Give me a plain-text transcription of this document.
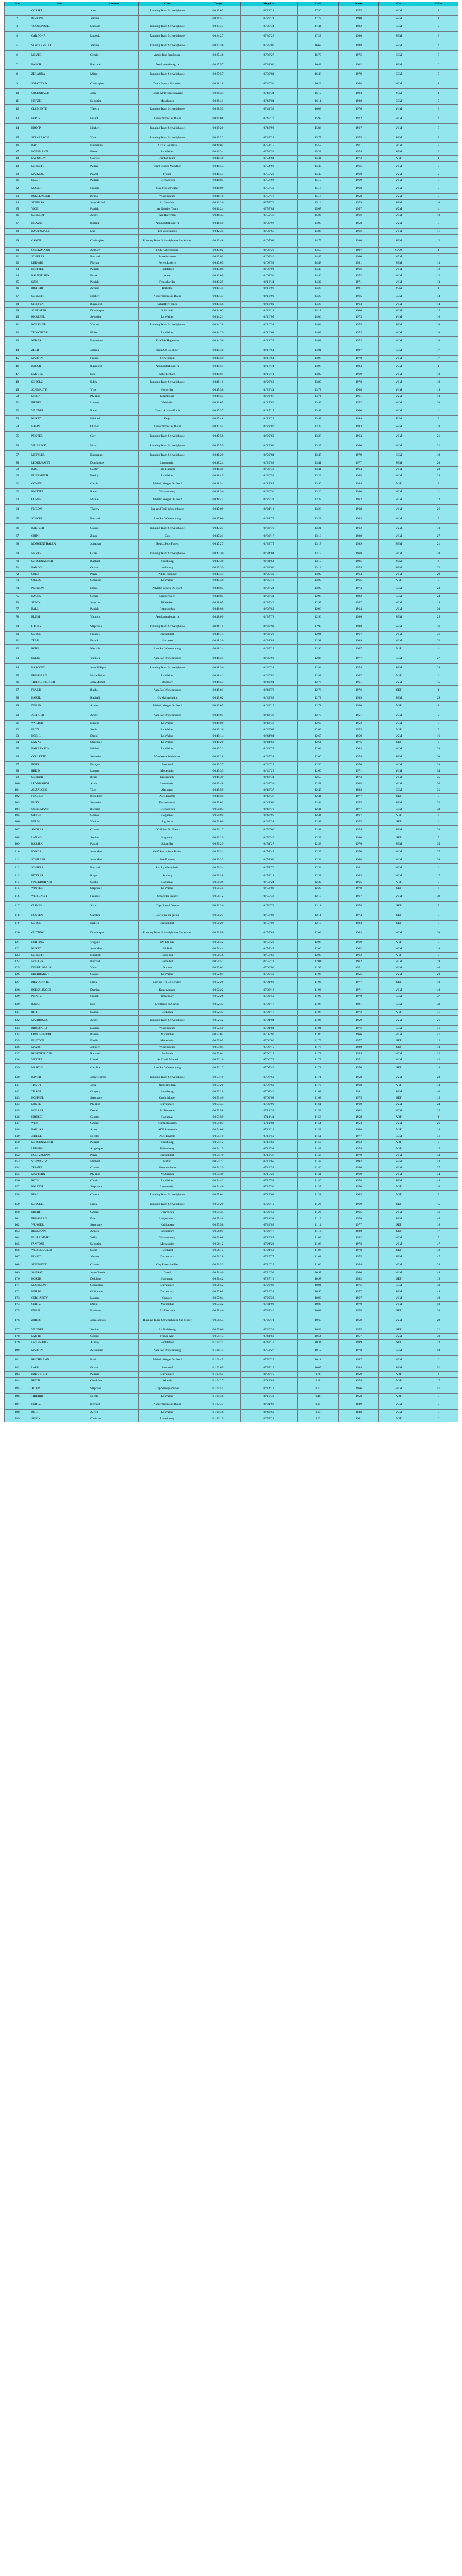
Sce	Nom	Prénom	Club	Temps	Moy/km	Km/h	Naiss	Cat	C-Cat
1	GOSSET	José	Running Team Schweighouse	00:30:03	03'22"21	17.80	1975	V1M	1
2	PERKINS	Jerome		00:31:53	03'27"21	17.72	1990	SEM	1
3	VOORSPOELS	Ludovic	Running Team Schweighouse	00:33:47	03'38"44	17.44	1982	SEM	2
4	CARDONA	Ludovic	Running Team Schweighouse	00:34:27	03'30"28	17.22	1980	SEM	3
5	SPYCKERELLE	Jerome	Running Team Schweighouse	00:37:36	03'35"06	16.67	1988	SEM	4
6	MEYER	Cedric	Ami's Run Strasbourg	00:37:48	03'38"27	16.70	1975	SEM	5
7	BASCH	Bertrand	Asu Lauterbourg ra	00:37:57	03'38"66	16.48	1962	SEM	6
8	ZERAOUA	Mitad	Running Team Schweighouse	00:37:57	03'38"81	16.48	1979	SEM	7
9	SOBOTTKA	Christophe	Team Espace Marathon	00:38:18	03'40"96	16.29	1968	V2M	1
10	URSENBACH	Jean	Rohan Athlétisme Saverne	00:38:34	03'42"34	16.19	1993	JUM	1
11	NETZER	Sebastien	Moschbach	00:38:41	03'43"04	16.11	1980	SEM	7
12	CLEMENTZ	Thierry	Running Team Schweighouse	00:38:53	03'44"32	16.03	1970	V1M	3
13	HERTZ	Franck	Niederbronn Les Bains	00:39:08	03'45"76	15.95	1972	V1M	4
14	KROPP	Norbert	Running Team Schweighouse	00:39:20	03'46"92	15.86	1967	V1M	5
15	STRASBACH	Yves	Running Team Schweighouse	00:39:22	03'48"28	15.77	1975	SEM	8
16	BATT	Emmanuel	Asf Le Bourreau	00:40:04	03'51"15	15.57	1971	V1M	7
17	HOFFMANN	Pierre	La Walder	00:40:34	03'54"39	15.38	1974	SEM	9
18	SALOMON	Clarisse	Jog'Ect Team	00:40:46	03'54"81	15.34	1972	V1F	1
19	SCHMITT	Patrice	Team Espace Marathon	00:40:43	03'54"90	15.33	1965	V1M	7
20	MARZOLF	Pascal	France	00:40:47	03'55"28	15.30	1960	V2M	2
21	SIGOT	Patrick	Reichshoffen	00:41:04	03'56"92	15.19	1969	V1M	8
22	MOSER	Francis	Cog Froeschwiller	00:41:09	03'57"40	15.16	1968	V1M	9
23	BOELLINGER	Bruno	Wissembourg	00:41:16	03'57"76	15.16	1958	V2M	3
24	STEPHAN	Jean Michel	Ac Gundhier	00:41:20	03'57"76	15.14	1979	SEM	10
25	VIOLI	Patrick	Ac Gunther Team	00:41:24	03'58"84	15.07	1957	V2M	4
26	SCHMIDT	Andre	Asc Harreman	00:41:33	03'59"46	15.02	1966	V1M	10
27	KNAUB	Roland	Asu Lauterbourg ra	00:41:50	04'00"96	14.90	1958	V2M	5
28	KAUTZMANN	Luc	Les Vosgimanes	00:42:35	04'03"65	14.86	1966	V1M	11
29	GANNE	Christophe	Running Team Schweighouse Sur Moder	00:42:48	04'05"62	14.75	1986	SEM	12
30	GOETZMANN	Anthony	FCE Kabensbourg	00:43:02	04'08"26	14.50	1997	CAM	1
31	SCHERER	Bernard	Bosselshausen	00:43:03	04'08"46	14.49	1960	V2M	6
32	LUDWIG	Florian	Porrez Ludwig	00:43:03	04'08"53	14.48	1981	SEM	13
33	KNITTEL	Patrick	Hochfelden	00:43:08	04'08"93	14.47	1966	V1M	12
34	KAUFFEISEN	Frank	Aave	00:43:09	04'08"96	14.46	1972	V1M	12
35	SUSS	Patrick	Froeschwiller	00:43:25	04'12"44	14.32	1971	V1M	13
36	RICHERT	Arnaud	Reibeldo	00:43:41	04'12"96	14.28	1991	JUM	1
37	SCHMITT	Norbert	Niederbronn Les Bains	00:43:47	04'12"99	14.25	1965	SEM	14
38	STEFFEN	Raymond	Schaeffer France	00:43:58	04'13"80	14.23	1963	V1M	14
39	SCHUSTER	Dominique	Schirrhein	00:44:03	04'14"14	14.17	1966	V1M	15
40	KNAEBEL	Sébastien	La Walder	00:44:21	04'16"05	14.06	1973	V1M	16
41	KOESSLER	Vincent	Running Team Schweighouse	00:44:28	04'16"34	14.04	1975	SEM	16
42	TRONTIZER	Hubert	La Walder	00:44:29	04'16"61	14.03	1973	V1M	16
43	NEBAS	Emmanuel	Tri Club Haguenau	00:44:30	04'18"73	14.02	1973	V1M	16
44	ZERR	Jeremie	Team Of Bollinger	00:44:46	04'17"61	14.01	1987	SEM	17
45	MARTIN	Franco	Schwindratz	00:44:50	04'18"61	13.98	1970	V1M	17
46	BASCH	Raymond	Asu Lauterbourg ra	00:44:51	04'18"74	13.98	1984	V3M	1
47	LAUGEL	Eric	Scheibenhard	00:45:01	04'19"71	13.89	1969	V1M	18
48	SCHOLZ	Edith	Running Team Schweighouse	00:45:11	04'20"68	13.80	1970	V1M	19
49	SCHMALTZ	Yves	Hohwiller	00:45:38	04'23"44	13.72	1968	V1M	19
50	SPECK	Philippe	Lutzelbourg	00:45:54	04'23"67	13.74	1961	V2M	10
51	BIEBEL	Laurent	Waldhelm	00:46:05	04'27"86	13.49	1972	V1M	20
52	WAGNER	René	Courir À Hasselfurth	00:47:37	04'27"17	13.48	1960	V1M	11
53	KURTZ	Mickael	Feijo	00:47:48	04'28"23	13.42	1994	JUM	3
54	HAHN	Olivier	Niederbronn Les Bains	00:47:54	04'28"80	13.39	1983	SEM	18
55	PFISTER	Guy	Running Team Schweighouse	00:47:58	04'29"60	13.38	1964	V1M	21
56	WEISBECK	Marc	Running Team Schweighouse	00:47:59	04'29"60	13.35	1966	V1M	21
57	METZLER	Emmanuel	Running Team Schweighouse	00:48:20	04'29"84	13.47	1979	SEM	19
58	LEDERMANN	Dominique	Leutenheim	00:48:24	04'29"88	13.41	1977	SEM	20
59	BACH	Gustav	Free Runners	00:48:39	04'30"48	13.41	1964	V1M	23
60	FRIESMUTH	Freddy	La Walder	00:48:45	04'30"59	13.29	1965	V1M	24
61	GOMEZ	Carole	Athletic Vosges Du Nord	00:48:34	04'28"85	13.40	1984	V1F	2
62	KNITTEL	Rene	Wissembourg	00:48:36	04'30"96	13.26	1980	V2M	11
63	GOMEZ	Manuel	Athletic Vosges Du Nord	00:48:41	04'29"32	13.37	1962	V2M	12
64	FRISON	Thierry	Run and Trail Wissembourg	00:47:00	04'31"13	13.28	1968	V1M	26
65	SCHOPP	Bernard	Asu Rac Wissembourg	00:47:06	04'31"75	13.23	1963	V1M	5
66	BALTZER	Claude	Running Team Schweighouse	00:47:27	04'33"79	13.21	1962	V2M	13
67	GRINI	Zinne	Cgs	00:47:21	04'33"17	13.18	1980	V1M	27
68	MORGENTHALER	Jonathan	Soultz Sous Forets	00:47:27	04'33"75	13.17	1989	SEM	21
69	MEYER	Gilles	Running Team Schweighouse	00:47:30	04'34"04	13.15	1968	V1M	28
70	SCHOENACKER	Raphaël	Strasbourg	00:47:36	04'34"61	13.10	1995	JUM	4
71	BARDOL	Olivier	Walbourg	00:47:39	04'34"60	13.14	1974	SEM	22
72	OBER	Pierre	Adide Running	00:47:44	04'35"39	13.09	1964	V1M	29
73	GRASS	Christine	La Walder	00:47:48	04'35"78	13.09	1965	V1F	3
74	PIERRON	Hervé	Athletic Vosges Du Nord	00:48:03	04'37"21	13.00	1974	SEM	23
75	KAUSS	Cedric	Lampertsloch	00:48:04	04'37"31	12.98	1982	SEM	24
76	STECK	Jean Luc	Bühlerbau	00:48:05	04'37"40	12.98	1957	V2M	14
77	BALL	Patrick	Rittershoffen	00:48:08	04'37"69	12.98	1964	V1M	30
78	BLUM	Yannick	Asu Lauterbourg ra	00:48:09	04'37"78	12.96	1986	SEM	25
79	GAUER	Stéphanie	Running Team Schweighouse	00:48:11	04'37"98	12.95	1988	SEM	26
80	SCHON	Francois	Bretschdorf	00:48:14	04'38"26	12.94	1967	V1M	31
81	ZERR	Franck	Hochstett	00:48:20	04'38"84	12.91	1969	V1M	32
82	ROHE	Nathalie	Asu Rac Wissembourg	00:48:24	04'39"23	12.90	1967	V1F	4
83	EGLIN	Yannick	Asu Rac Wissembourg	00:48:31	04'39"90	12.86	1977	SEM	27
84	HASCOET	Jean Philippe	Running Team Schweighouse	00:48:36	04'40"38	12.84	1974	SEM	28
85	BROSSARD	Marie Reine	La Walder	00:48:41	04'40"86	12.82	1967	V1F	4
86	TRITSCHBERGER	Jean Michel	Oberdorf	00:48:53	04'42"01	12.76	1961	V2M	15
87	FRANK	Rachel	Asu Rac Wissembourg	00:49:01	04'42"78	12.73	1976	SEF	1
88	HARTL	Raphaël	Ok Mainzerheim	00:49:02	04'42"88	12.72	1989	SEM	29
89	DEGEN	Annie	Athletic Vosges Du Nord	00:49:05	04'43"17	12.71	1950	V3F	1
90	JOERGER	Andre	Asu Rac Wissembourg	00:49:07	04'43"36	12.70	1951	V3M	2
91	WALTER	Eugène	La Walder	00:49:08	04'43"46	12.69	1952	V3M	3
92	HUTT	Sonia	La Walder	00:49:10	04'43"65	12.69	1973	V1F	5
93	KOEHL	Daniel	La Walder	00:49:14	04'44"04	12.67	1959	V2M	16
94	LAGAS	Stephanie	La Walder	00:49:20	04'44"62	12.64	1975	SEF	2
95	BARBANSON	Michel	La Walder	00:49:21	04'44"71	12.64	1963	V1M	33
96	COLLETTE	Sébastien	Wanderers Sénéchaux	00:49:28	04'45"38	12.60	1974	SEM	30
97	BEHR	François	Ettendorf	00:49:37	04'46"25	12.56	1970	V1M	33
98	RHEIN	Laurent	Mietesheim	00:49:33	04'46"25	12.60	1971	V1M	34
99	SCHEUR	Régis	Drusenheim	00:49:39	04'46"44	12.55	1973	V1M	35
100	LEONHARDT	Alain	Leutenheim	00:49:48	04'47"31	12.51	1965	V1M	36
101	ANZALONE	Tony	Altenstadt	00:49:59	04'48"37	12.47	1982	SEM	31
102	FISCHER	Benedicte	Asc Hunsfeld	00:49:59	04'48"37	12.44	1977	SEF	3
103	FRITZ	Sebastien	Kutzenhausen	00:50:02	04'48"66	12.44	1975	SEM	32
104	USSELMANN	Richard	Reichshoffen	00:50:03	04'48"76	12.44	1977	SEM	33
105	SITTER	Chantal	Haguenau	00:50:05	04'48"95	12.44	1967	V1F	6
106	HELM	Valérie	Jog Form	00:50:09	04'49"34	12.42	1975	SEF	4
107	ANDRES	Claude	L'Officine Du Gueux	00:50:17	04'50"00	12.41	1974	SEM	34
108	LANNO	Sophie	Haguenau	00:50:29	04'50"40	12.38	1980	SEF	5
109	KASSEK	Pascal	Schaeffler	00:50:29	04'51"27	12.38	1976	SEM	35
110	PODDA	Jean Marc	Golf Soultz Sous Forêts	00:50:31	04'51"47	12.35	1970	V1M	37
111	SCHILLER	Jean Marc	Free Runners	00:50:33	04'51"66	12.34	1968	V1M	38
112	SCHIEER	Bernard	Asu Lg Wattenheim	00:50:34	04'51"76	12.34	1951	V3M	4
113	BITTLER	Roger	Surburg	00:50:38	04'52"14	12.32	1963	V2M	17
114	FINCKBOHNER	Sophie	Haguenau	00:50:39	04'52"24	12.32	1965	V1F	7
115	WINTER	Stephanie	La Walder	00:50:45	04'52"82	12.29	1978	SEF	6
116	WEISBACH	Francois	Schaeffler France	00:51:12	04'55"42	12.18	1967	V1M	39
117	OLIVES	Sarah	Cap Liberté Dessin	00:51:26	04'56"73	12.11	1978	SEF	7
118	HOSTEN	Caroline	L'officine du gueux	00:51:27	04'56"82	12.11	1974	SEF	8
119	SCHON	Isabelle	Bretschdorf	00:51:29	04'57"02	12.10	1983	SEF	8
120	GUTTING	Dominique	Running Team Schweighouse Sur Moder	00:51:58	04'59"88	12.09	1963	V2M	20
121	HERTING	Virginie	CM Efr Bail	00:51:42	04'58"28	12.07	1969	V1F	8
122	KURTZ	Jean Marc	Ed Bail	00:51:44	04'58"47	12.06	1962	V2M	18
123	SCHMITT	Elisabeth	Eichelbul	00:51:46	04'58"66	12.05	1962	V1F	9
124	MULLER	Bernard	Eichelbul	00:51:57	04'59"73	12.01	1962	V2M	19
125	DESRÉUMAUX	Yann	Durtein	00:52:01	05'00"00	11.99	1971	V1M	40
126	EBERHARDT	Claude	La Walder	00:52:04	05'00"40	11.98	1955	V2M	20
127	BRACONNIER	Nadia	Nuvoso Tri Bretschdorf	00:52:20	05'01"90	11.93	1977	SEF	10
128	BOESSLINGER	Damien	Kutzenhausen	00:52:22	05'02"12	11.92	1971	V1M	40
129	PRINTZ	Franck	Betschdorf	00:52:26	05'02"50	11.90	1970	SEM	37
130	RANG	Eric	L'officine du Gueux	00:52:33	05'03"17	11.87	1981	SEM	38
131	RITT	Sandra	Eschbach	00:52:33	05'03"17	11.87	1972	V1F	11
132	MARROCCO	Andre	Running Team Schweighouse	00:52:42	05'04"04	11.83	1959	V2M	21
133	BROSSARD	Laurent	Wissembourg	00:52:50	05'04"81	11.81	1976	SEM	41
134	CROCHEMORE	Patrice	Marienthal	00:53:02	05'05"96	11.80	1966	V1M	41
135	FANTONI	Elodie	Mietesheim	00:53:03	05'06"06	11.79	1977	SEF	12
136	MAYOT	Jennifer	Wissembourg	00:53:04	05'06"15	11.78	1980	SEF	13
137	ROSENFELDER	Richard	Eschbach	00:53:04	05'06"15	11.78	1959	V2M	22
138	WINTER	Lionel	As Credit Mutuel	00:53:10	05'06"73	11.75	1971	V1M	42
139	MARTIN	Caroline	Asu Rac Wissembourg	00:53:17	05'07"40	11.72	1976	SEF	14
140	BAYER	Jean Georges	Running Team Schweighouse	00:53:19	05'07"60	11.71	1958	V2M	23
141	TISSOT	Josie	Niedermodern	00:53:20	05'07"69	11.70	1968	V1F	13
142	TISSOT	Gregory	Strasbourg	00:53:28	05'08"46	11.68	1991	SEM	40
143	HOHMEL	Stephanie	Credit Mutuel	00:53:40	05'09"62	11.63	1975	SEF	15
144	LOGEL	Philippe	Durrenbach	00:53:43	05'09"90	11.61	1960	V2M	24
145	MULLER	Daniel	Asf Bourreau	00:53:58	05'11"35	11.53	1962	V2M	25
146	HIRTSCH	Ginette	Haguenau	00:53:59	05'11"44	11.56	1958	V2F	1
147	WISS	Gérard	Gumpoldsheim	00:54:03	05'11"83	11.54	1953	V2M	26
148	BARLAS	Anne	ADF Altenstadt	00:54:06	05'12"12	11.53	1968	V1F	14
149	JEDELE	Nicolas	Asc Hunsfeld	00:54:10	05'12"50	11.51	1977	SEM	41
150	SCHOENACKER	Patricia	Strasbourg	00:54:12	05'12"69	11.50	1962	V2F	2
151	LUDERS	Angelique	Kabenbourg	00:54:15	05'12"98	11.48	1974	V1F	15
152	HOLTZMANN	Pierre	Bretschdorf	00:54:19	05'13"37	11.48	1970	V1M	43
153	SCHWARTZ	Michael	Hatten	00:54:22	05'13"65	11.47	1992	SEM	43
154	TREGER	Claude	Mommenheim	00:54:29	05'14"33	11.46	1956	V2M	27
155	MATTERN	Philippe	Neubrisach	00:54:39	05'15"29	11.41	1969	V1M	44
156	ROTH	Cedric	La Walder	00:54:42	05'15"58	11.40	1978	SEM	44
157	KNUNGE	Stéphanie	Leutenheim	00:54:46	05'15"96	11.37	1970	V1F	16
158	BEAU	Chantal	Running Team Schweighouse	00:55:04	05'17"69	11.31	1963	V2F	3
159	SCHULER	Nadia	Running Team Schweighouse	00:55:29	05'20"10	11.22	1969	SEF	15
160	EBERT	Gérard	Oberhoffen	00:55:34	05'20"58	11.22	1965	V1M	46
161	BROSSARD	Eric	Lampertsloch	00:55:48	05'21"92	11.14	1976	SEM	46
162	WENGER	Stephanie	Kalthausen	00:55:58	05'22"88	11.14	1977	SEF	16
163	REBMANN	Annick	Wasserbure	00:56:01	05'23"17	11.12	1980	SEF	17
164	FAULLIMMEL	Willy	Wissembourg	00:56:08	05'23"85	11.09	1952	V3M	5
165	FANTONI	Sébastien	Mietesheim	00:56:12	05'24"23	11.08	1972	V1M	47
166	WEISSMULLER	Sonia	Reinhardt	00:56:15	05'24"52	11.06	1978	SEF	18
167	PENOT	Jérome	Durrenbach	00:56:28	05'25"77	11.02	1975	SEM	47
168	STENMETZ	Claude	Cog Froeschwiller	00:56:33	05'26"25	11.00	1954	V2M	28
169	SAURAT	Jean Claude	Daseil	00:56:40	05'26"92	10.97	1960	V1M	48
170	HORTH	Delphine	Haguenau	00:56:42	05'27"12	10.97	1982	SEF	19
171	MOHIMONT	Christophe	Durrenbach	00:56:52	05'28"08	10.94	1975	SEM	48
172	HEILIG	Guillaume	Durrenbach	00:57:05	05'29"33	10.90	1977	SEM	49
173	GERHARDY	Laurent	Gunstett	00:57:04	05'29"23	10.90	1967	V1M	49
174	GERTZ	Daniel	Marienthal	00:57:32	05'31"92	10.83	1970	V1M	50
175	ENGEL	Fabienne	Atl Eberbach	00:58:40	05'38"46	10.63	1978	SEF	20
176	ZORES	Jean Jacques	Running Team Schweighouse Sur Moder	00:58:53	05'39"71	10.60	1958	V2M	29
177	WAGNER	Sophie	Sv Phalsbourg	00:59:00	05'40"38	10.59	1975	SEF	21
178	LAUTH	Gérard	France Alsh	00:59:13	05'41"63	10.54	1957	V2M	30
179	LAXENAIRE	Audrey	Hochfelden	01:00:21	05'48"17	10.34	1989	SEF	22
180	MARTIN	Alexandre	Asu Rac Wissembourg	01:01:14	05'53"27	10.19	1978	SEM	50
181	RISCHMANN	Paul	Athletic Vosges Du Nord	01:01:45	05'56"25	10.11	1947	V3M	6
182	LAPP	Olivier	Ettendorf	01:02:05	05'58"17	10.05	1984	SEM	51
183	KREUTTER	Patricia	Durrenbach	01:03:55	06'08"75	9.76	1959	V2F	4
184	REICH	Geraldine	Woerth	01:04:27	06'11"83	9.68	1974	V1F	17
185	ADAM	Stéphane	Cap Sarreguemines	01:04:51	06'14"13	9.62	1966	V1M	51
186	THIERRY	Nicole	La Walder	01:05:46	06'19"42	9.49	1958	V2F	5
187	HERTZ	Bernard	Niederbronn Les Bains	01:07:47	06'31"06	9.21	1949	V3M	7
188	ROTH	Alfred	La Walder	01:09:48	06'42"69	8.94	1948	V3M	8
189	SPECK	Christine	Lutzelbourg	01:12:19	06'57"21	8.63	1961	V2F	6
